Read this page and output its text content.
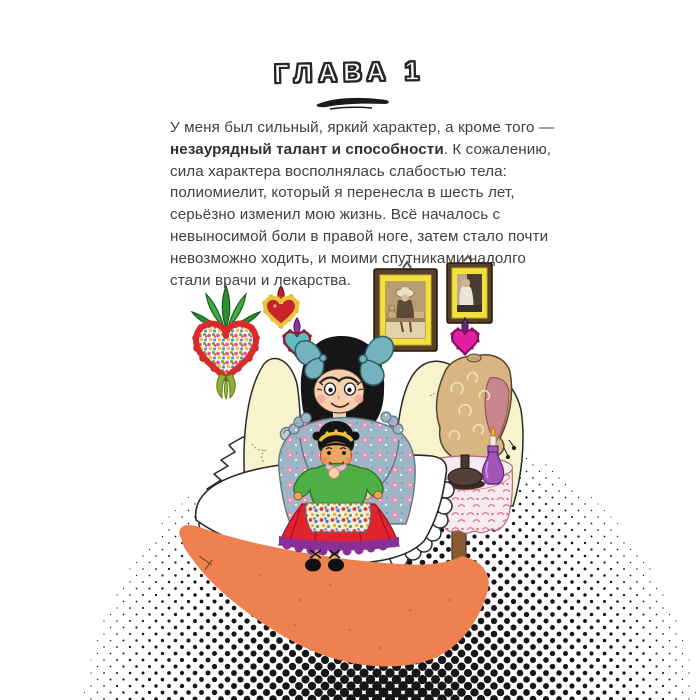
ГЛАВА 1
У меня был сильный, яркий характер, а кроме того — незаурядный талант и способности. К сожалению, сила характера восполнялась слабостью тела: полиомиелит, который я перенесла в шесть лет, серьёзно изменил мою жизнь. Всё началось с невыносимой боли в правой ноге, затем стало почти невозможно ходить, и моими спутниками надолго стали врачи и лекарства.
